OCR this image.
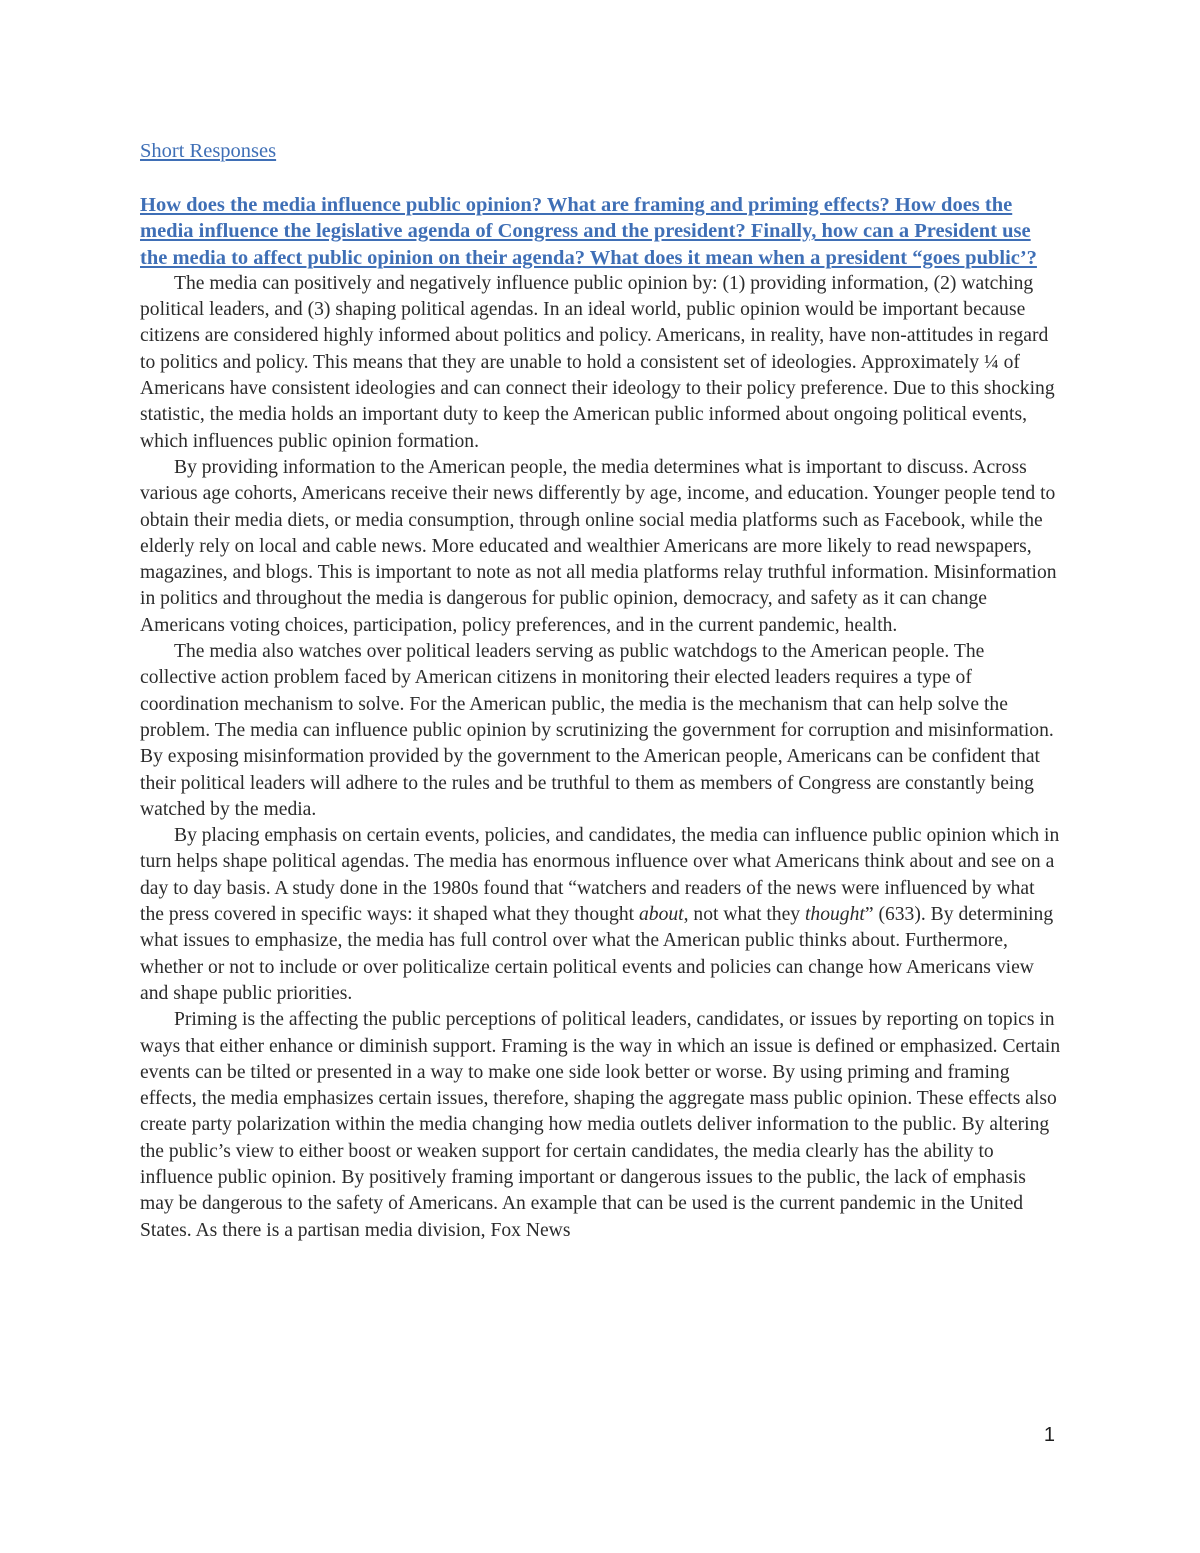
Short Responses

How does the media influence public opinion? What are framing and priming effects? How does the media influence the legislative agenda of Congress and the president? Finally, how can a President use the media to affect public opinion on their agenda? What does it mean when a president “goes public’?

The media can positively and negatively influence public opinion by: (1) providing information, (2) watching political leaders, and (3) shaping political agendas. In an ideal world, public opinion would be important because citizens are considered highly informed about politics and policy. Americans, in reality, have non-attitudes in regard to politics and policy. This means that they are unable to hold a consistent set of ideologies. Approximately ¼ of Americans have consistent ideologies and can connect their ideology to their policy preference. Due to this shocking statistic, the media holds an important duty to keep the American public informed about ongoing political events, which influences public opinion formation.

By providing information to the American people, the media determines what is important to discuss. Across various age cohorts, Americans receive their news differently by age, income, and education. Younger people tend to obtain their media diets, or media consumption, through online social media platforms such as Facebook, while the elderly rely on local and cable news. More educated and wealthier Americans are more likely to read newspapers, magazines, and blogs. This is important to note as not all media platforms relay truthful information. Misinformation in politics and throughout the media is dangerous for public opinion, democracy, and safety as it can change Americans voting choices, participation, policy preferences, and in the current pandemic, health.

The media also watches over political leaders serving as public watchdogs to the American people. The collective action problem faced by American citizens in monitoring their elected leaders requires a type of coordination mechanism to solve. For the American public, the media is the mechanism that can help solve the problem. The media can influence public opinion by scrutinizing the government for corruption and misinformation. By exposing misinformation provided by the government to the American people, Americans can be confident that their political leaders will adhere to the rules and be truthful to them as members of Congress are constantly being watched by the media.

By placing emphasis on certain events, policies, and candidates, the media can influence public opinion which in turn helps shape political agendas. The media has enormous influence over what Americans think about and see on a day to day basis. A study done in the 1980s found that “watchers and readers of the news were influenced by what the press covered in specific ways: it shaped what they thought about, not what they thought” (633). By determining what issues to emphasize, the media has full control over what the American public thinks about. Furthermore, whether or not to include or over politicalize certain political events and policies can change how Americans view and shape public priorities.

Priming is the affecting the public perceptions of political leaders, candidates, or issues by reporting on topics in ways that either enhance or diminish support. Framing is the way in which an issue is defined or emphasized. Certain events can be tilted or presented in a way to make one side look better or worse. By using priming and framing effects, the media emphasizes certain issues, therefore, shaping the aggregate mass public opinion. These effects also create party polarization within the media changing how media outlets deliver information to the public. By altering the public’s view to either boost or weaken support for certain candidates, the media clearly has the ability to influence public opinion. By positively framing important or dangerous issues to the public, the lack of emphasis may be dangerous to the safety of Americans. An example that can be used is the current pandemic in the United States. As there is a partisan media division, Fox News

1
